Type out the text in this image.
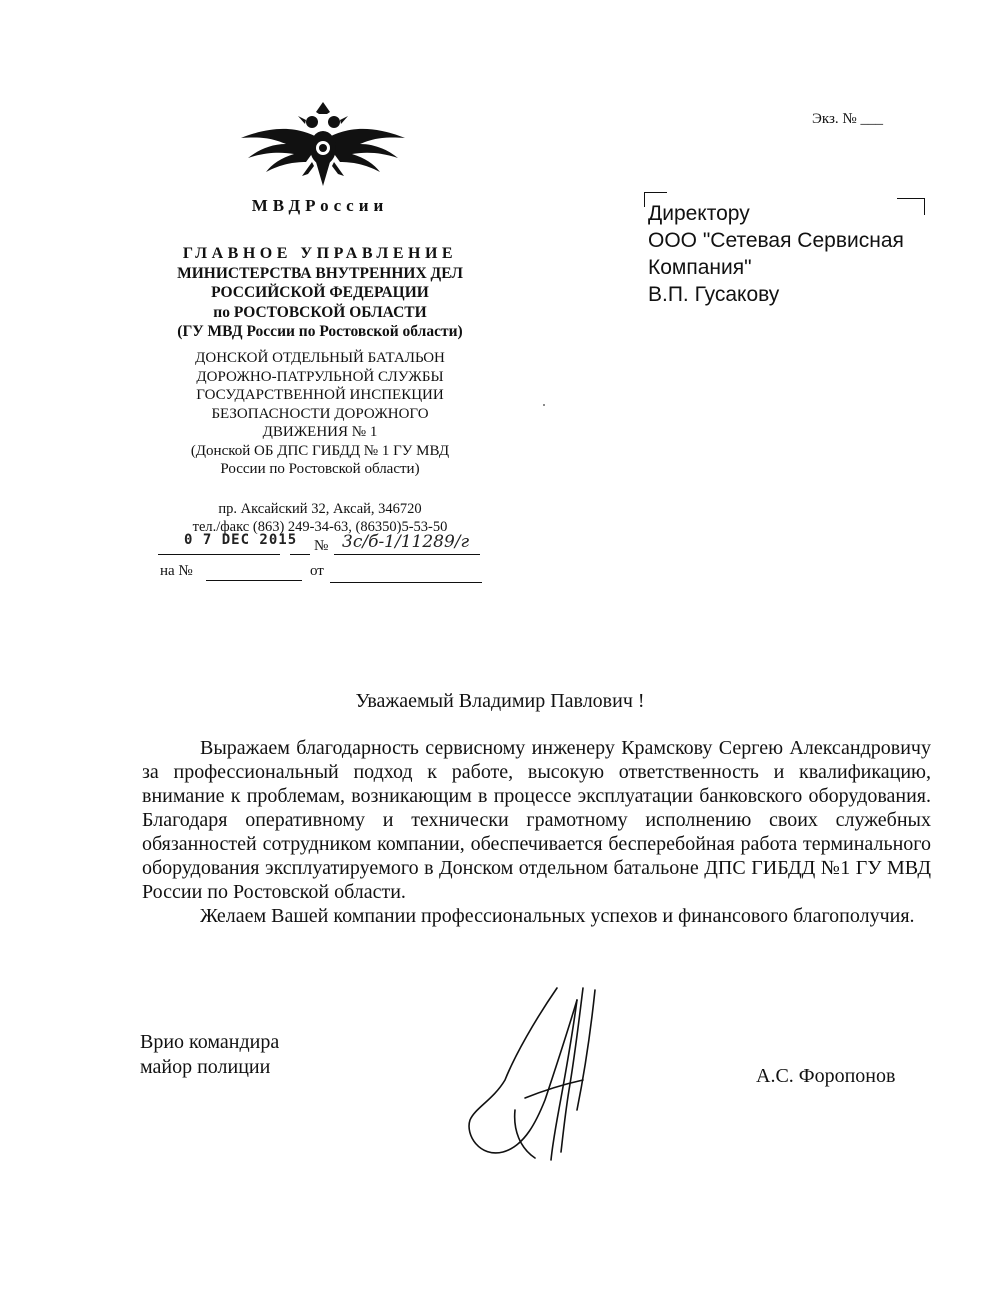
Экз. № ___
МВДРоссии
ГЛАВНОЕ УПРАВЛЕНИЕ
МИНИСТЕРСТВА ВНУТРЕННИХ ДЕЛ
РОССИЙСКОЙ ФЕДЕРАЦИИ
по РОСТОВСКОЙ ОБЛАСТИ
(ГУ МВД России по Ростовской области)
ДОНСКОЙ ОТДЕЛЬНЫЙ БАТАЛЬОН
ДОРОЖНО-ПАТРУЛЬНОЙ СЛУЖБЫ
ГОСУДАРСТВЕННОЙ ИНСПЕКЦИИ
БЕЗОПАСНОСТИ ДОРОЖНОГО
ДВИЖЕНИЯ № 1
(Донской ОБ ДПС ГИБДД № 1 ГУ МВД
России по Ростовской области)
пр. Аксайский 32, Аксай, 346720
тел./факс (863) 249-34-63, (86350)5-53-50
0 7 DEC 2015 № 3с/б-1/11289/г
на №	от
Директору
ООО "Сетевая Сервисная
Компания"
В.П. Гусакову
Уважаемый Владимир Павлович !

Выражаем благодарность сервисному инженеру Крамскову Сергею Александровичу за профессиональный подход к работе, высокую ответственность и квалификацию, внимание к проблемам, возникающим в процессе эксплуатации банковского оборудования. Благодаря оперативному и технически грамотному исполнению своих служебных обязанностей сотрудником компании, обеспечивается бесперебойная работа терминального оборудования эксплуатируемого в Донском отдельном батальоне ДПС ГИБДД №1 ГУ МВД России по Ростовской области.

Желаем Вашей компании профессиональных успехов и финансового благополучия.

Врио командира
майор полиции	А.С. Форопонов
